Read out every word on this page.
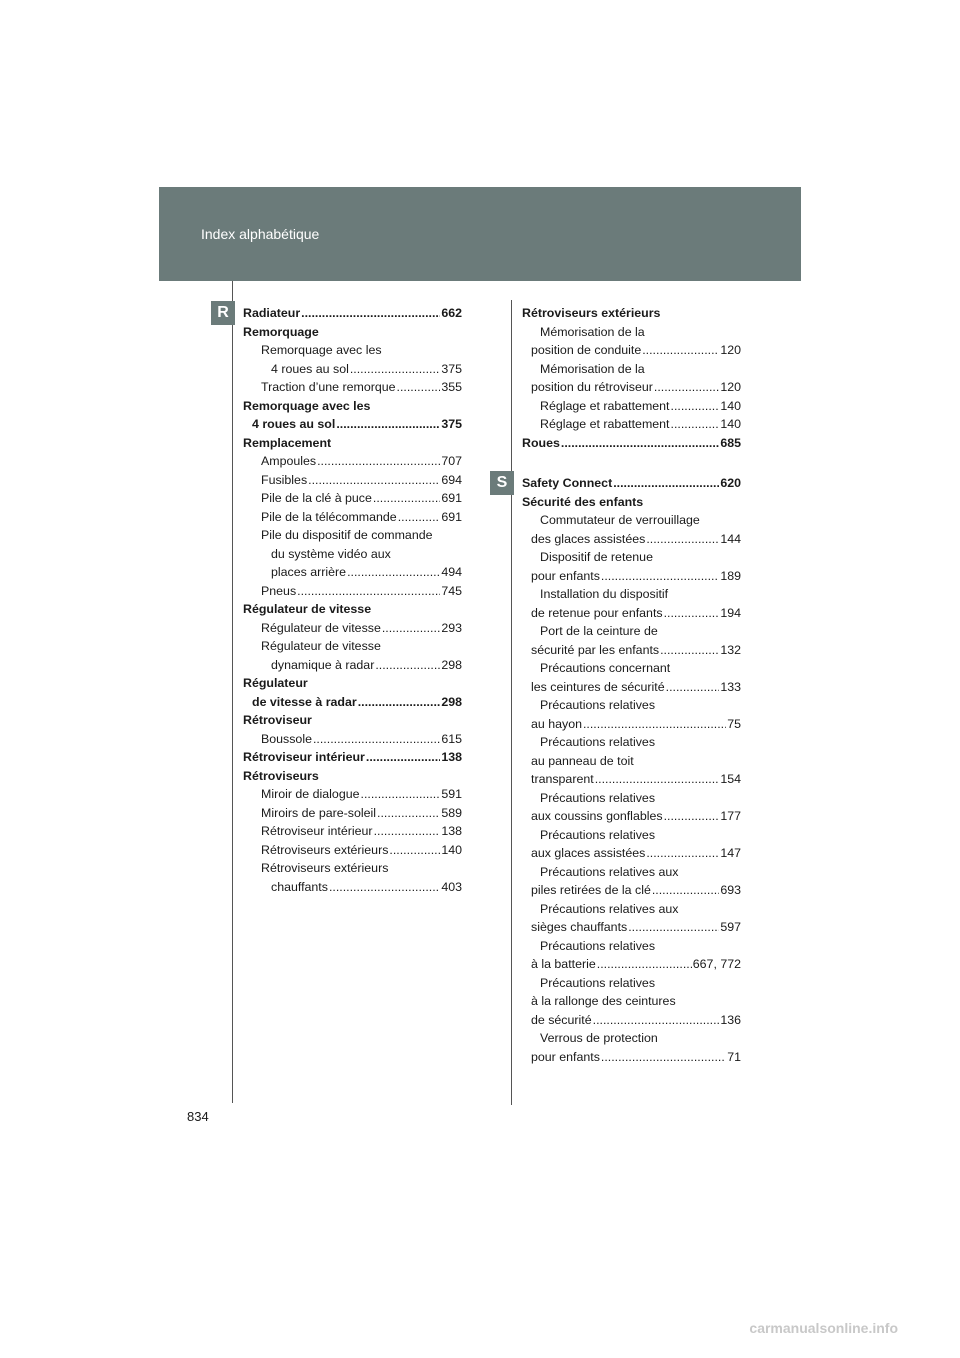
Index alphabétique
R
S
Radiateur .....	662
Remorquage
Remorquage avec les
4 roues au sol .....	375
Traction d’une remorque .....	355
Remorquage avec les
4 roues au sol .....	375
Remplacement
Ampoules .....	707
Fusibles .....	694
Pile de la clé à puce .....	691
Pile de la télécommande .....	691
Pile du dispositif de commande
du système vidéo aux
places arrière .....	494
Pneus .....	745
Régulateur de vitesse
Régulateur de vitesse .....	293
Régulateur de vitesse
dynamique à radar .....	298
Régulateur
de vitesse à radar .....	298
Rétroviseur
Boussole .....	615
Rétroviseur intérieur .....	138
Rétroviseurs
Miroir de dialogue .....	591
Miroirs de pare-soleil .....	589
Rétroviseur intérieur .....	138
Rétroviseurs extérieurs .....	140
Rétroviseurs extérieurs
chauffants .....	403
Rétroviseurs extérieurs
Mémorisation de la
position de conduite .....	120
Mémorisation de la
position du rétroviseur .....	120
Réglage et rabattement .....	140
Réglage et rabattement .....	140
Roues .....	685
Safety Connect .....	620
Sécurité des enfants
Commutateur de verrouillage
des glaces assistées .....	144
Dispositif de retenue
pour enfants .....	189
Installation du dispositif
de retenue pour enfants .....	194
Port de la ceinture de
sécurité par les enfants .....	132
Précautions concernant
les ceintures de sécurité .....	133
Précautions relatives
au hayon .....	75
Précautions relatives
au panneau de toit
transparent .....	154
Précautions relatives
aux coussins gonflables .....	177
Précautions relatives
aux glaces assistées .....	147
Précautions relatives aux
piles retirées de la clé .....	693
Précautions relatives aux
sièges chauffants .....	597
Précautions relatives
à la batterie .....	667, 772
Précautions relatives
à la rallonge des ceintures
de sécurité .....	136
Verrous de protection
pour enfants .....	71
834
carmanualsonline.info
